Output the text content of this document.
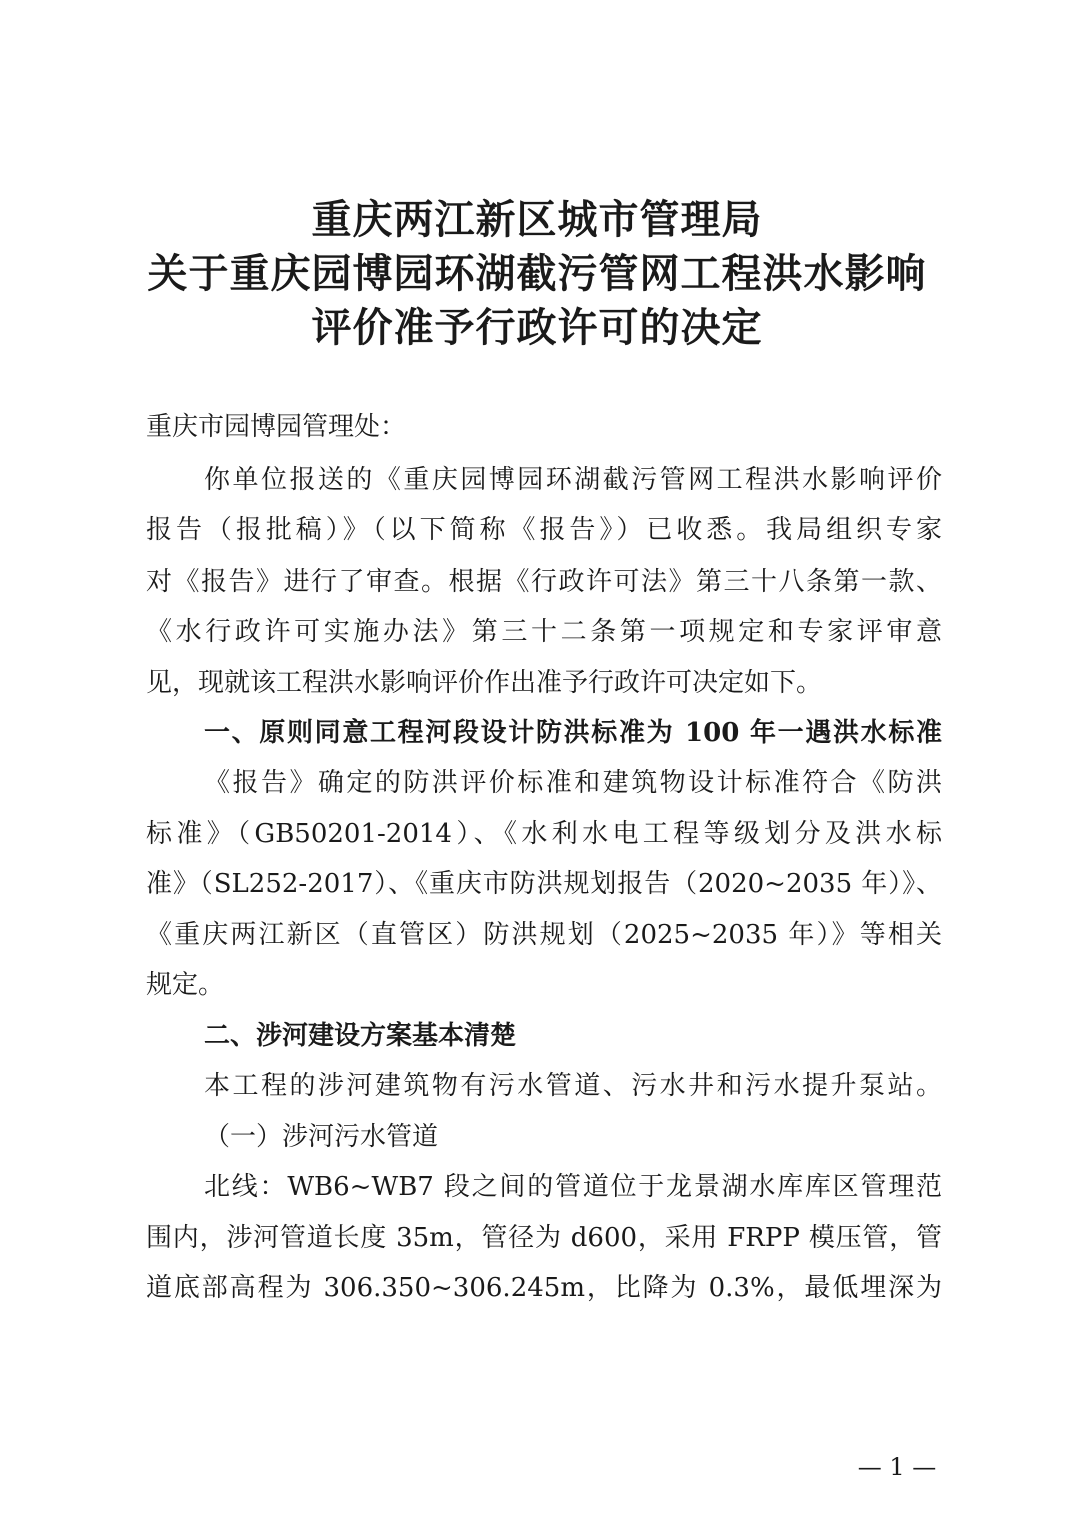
重庆两江新区城市管理局
关于重庆园博园环湖截污管网工程洪水影响
评价准予行政许可的决定
重庆市园博园管理处：
你单位报送的《重庆园博园环湖截污管网工程洪水影响评价
报告（报批稿）》（以下简称《报告》）已收悉。我局组织专家
对《报告》进行了审查。根据《行政许可法》第三十八条第一款、
《水行政许可实施办法》第三十二条第一项规定和专家评审意
见，现就该工程洪水影响评价作出准予行政许可决定如下。
一、原则同意工程河段设计防洪标准为 100 年一遇洪水标准
《报告》确定的防洪评价标准和建筑物设计标准符合《防洪
标准》（GB50201-2014）、《水利水电工程等级划分及洪水标
准》（SL252-2017）、《重庆市防洪规划报告（2020~2035 年）》、
《重庆两江新区（直管区）防洪规划（2025~2035 年）》等相关
规定。
二、涉河建设方案基本清楚
本工程的涉河建筑物有污水管道、污水井和污水提升泵站。
（一）涉河污水管道
北线：WB6~WB7 段之间的管道位于龙景湖水库库区管理范
围内，涉河管道长度 35m，管径为 d600，采用 FRPP 模压管，管
道底部高程为 306.350~306.245m，比降为 0.3%，最低埋深为
— 1 —
